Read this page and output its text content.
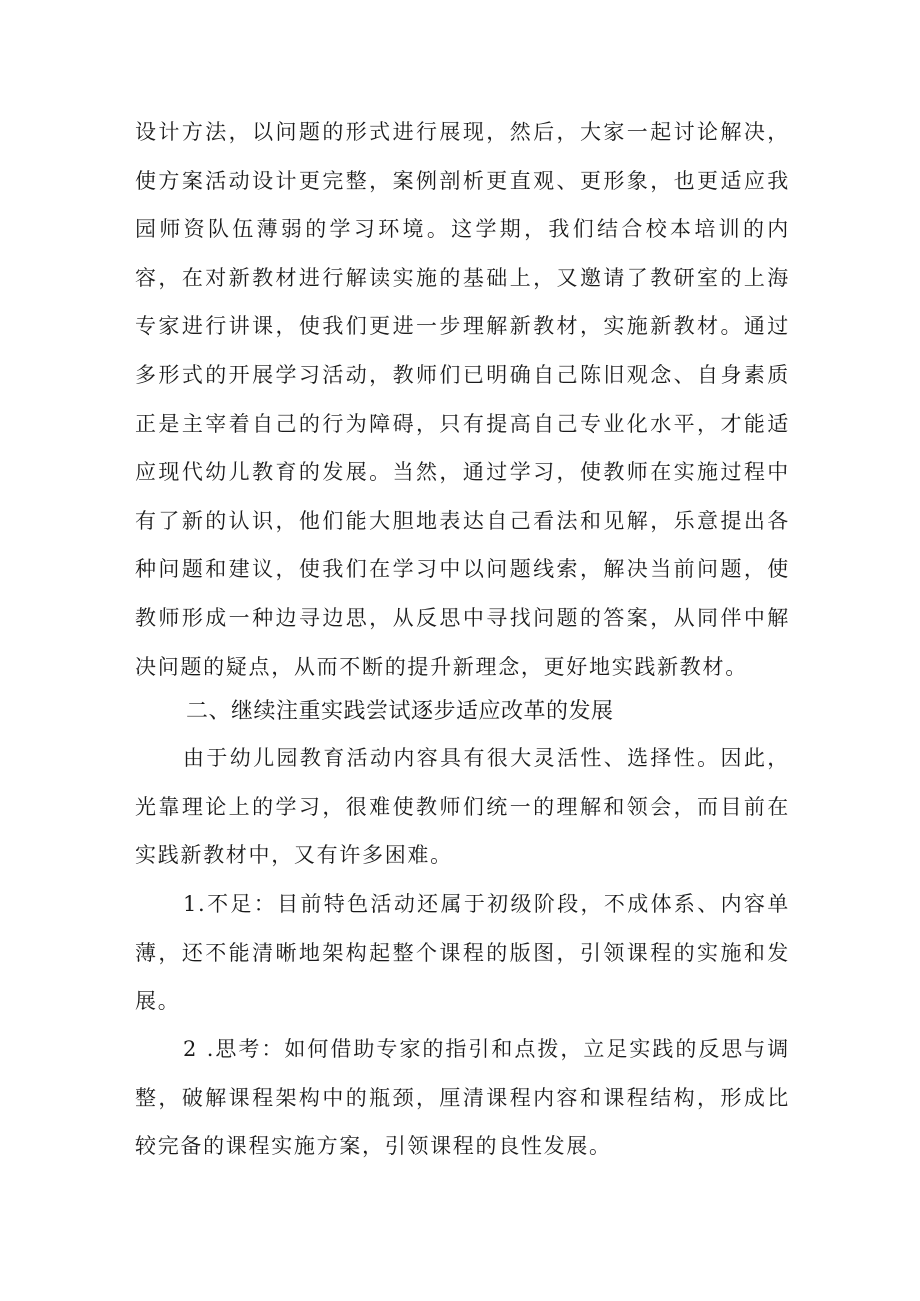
设计方法，以问题的形式进行展现，然后，大家一起讨论解决，使方案活动设计更完整，案例剖析更直观、更形象，也更适应我园师资队伍薄弱的学习环境。这学期，我们结合校本培训的内容，在对新教材进行解读实施的基础上，又邀请了教研室的上海专家进行讲课，使我们更进一步理解新教材，实施新教材。通过多形式的开展学习活动，教师们已明确自己陈旧观念、自身素质正是主宰着自己的行为障碍，只有提高自己专业化水平，才能适应现代幼儿教育的发展。当然，通过学习，使教师在实施过程中有了新的认识，他们能大胆地表达自己看法和见解，乐意提出各种问题和建议，使我们在学习中以问题线索，解决当前问题，使教师形成一种边寻边思，从反思中寻找问题的答案，从同伴中解决问题的疑点，从而不断的提升新理念，更好地实践新教材。

二、继续注重实践尝试逐步适应改革的发展

由于幼儿园教育活动内容具有很大灵活性、选择性。因此，光靠理论上的学习，很难使教师们统一的理解和领会，而目前在实践新教材中，又有许多困难。

1.不足：目前特色活动还属于初级阶段，不成体系、内容单薄，还不能清晰地架构起整个课程的版图，引领课程的实施和发展。

2 .思考：如何借助专家的指引和点拨，立足实践的反思与调整，破解课程架构中的瓶颈，厘清课程内容和课程结构，形成比较完备的课程实施方案，引领课程的良性发展。
